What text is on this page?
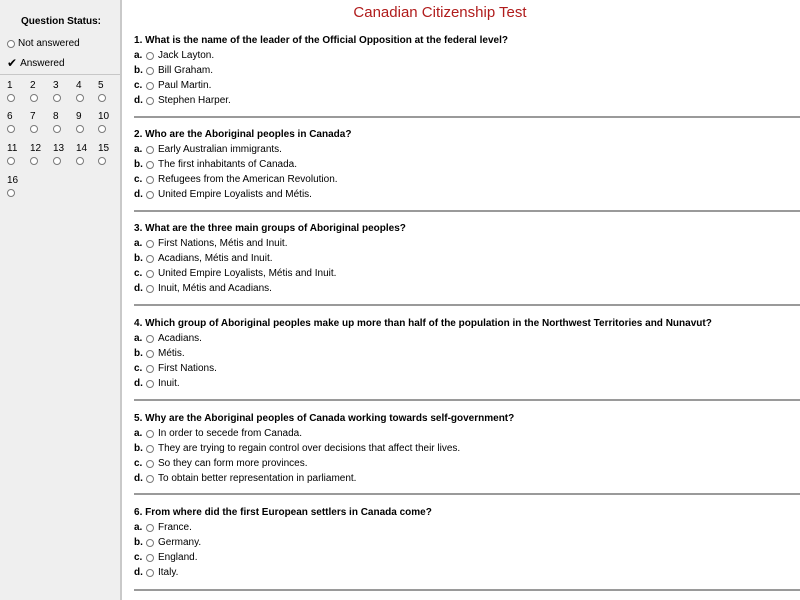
Question Status:
Not answered
✔ Answered
1	2	3	4	5
6	7	8	9	10
11	12	13	14	15
16
Canadian Citizenship Test
1. What is the name of the leader of the Official Opposition at the federal level?
a.	Jack Layton.
b.	Bill Graham.
c.	Paul Martin.
d.	Stephen Harper.
2. Who are the Aboriginal peoples in Canada?
a.	Early Australian immigrants.
b.	The first inhabitants of Canada.
c.	Refugees from the American Revolution.
d.	United Empire Loyalists and Métis.
3. What are the three main groups of Aboriginal peoples?
a.	First Nations, Métis and Inuit.
b.	Acadians, Métis and Inuit.
c.	United Empire Loyalists, Métis and Inuit.
d.	Inuit, Métis and Acadians.
4. Which group of Aboriginal peoples make up more than half of the population in the Northwest Territories and Nunavut?
a.	Acadians.
b.	Métis.
c.	First Nations.
d.	Inuit.
5. Why are the Aboriginal peoples of Canada working towards self-government?
a.	In order to secede from Canada.
b.	They are trying to regain control over decisions that affect their lives.
c.	So they can form more provinces.
d.	To obtain better representation in parliament.
6. From where did the first European settlers in Canada come?
a.	France.
b.	Germany.
c.	England.
d.	Italy.
